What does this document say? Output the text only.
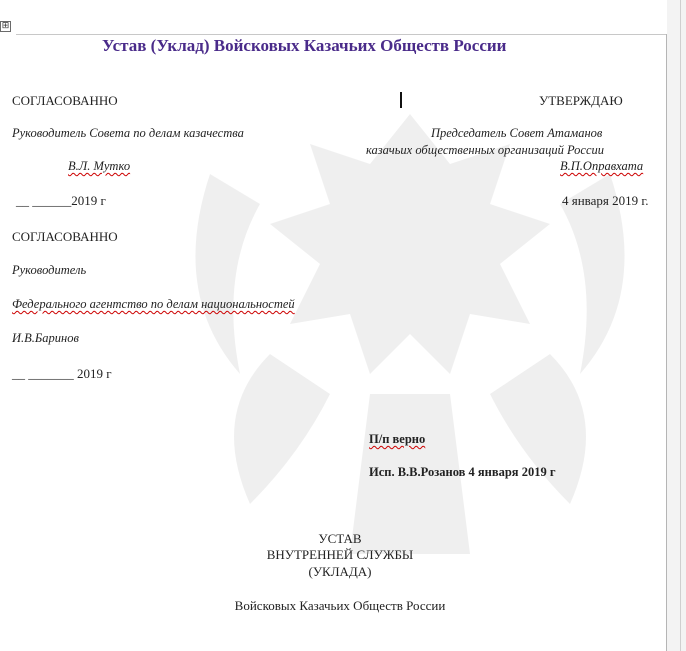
⊞
Устав (Уклад) Войсковых Казачьих Обществ России
СОГЛАСОВАННО
Руководитель Совета по делам казачества
В.Л. Мутко
__ ______2019 г
УТВЕРЖДАЮ
Председатель Совет Атаманов
казачьих общественных организаций России
В.П.Оправхата
4 января 2019 г.
СОГЛАСОВАННО
Руководитель
Федерального агентство по делам национальностей
И.В.Баринов
__ _______ 2019 г
П/п верно
Исп. В.В.Розанов 4 января 2019 г
УСТАВ
ВНУТРЕННЕЙ СЛУЖБЫ
(УКЛАДА)
Войсковых Казачьих Обществ России
